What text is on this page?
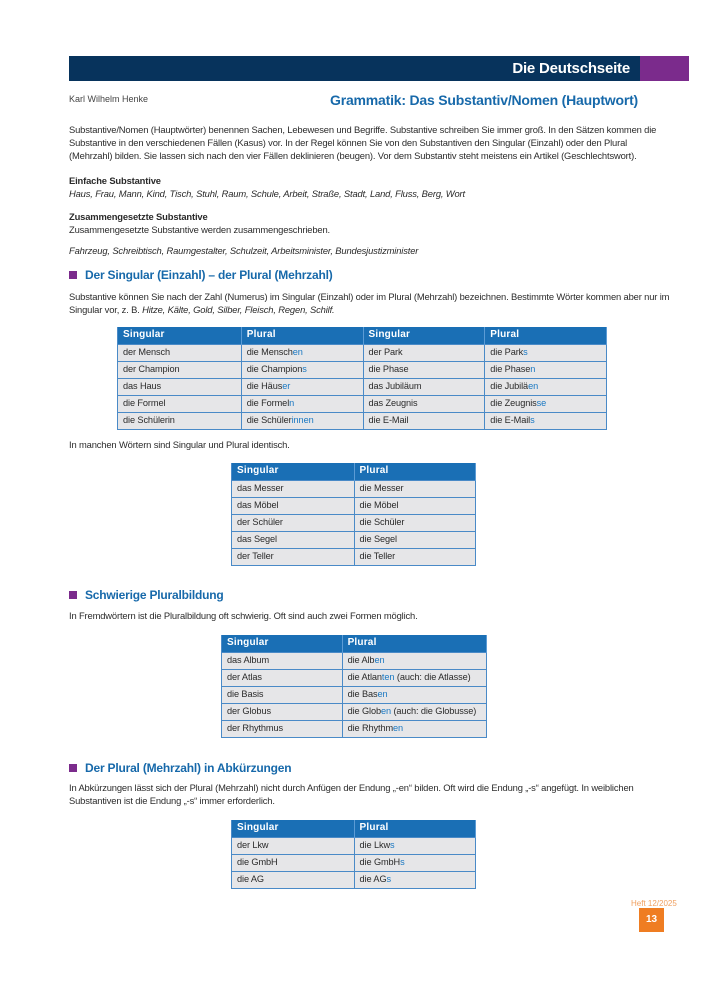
Die Deutschseite
Karl Wilhelm Henke	Grammatik: Das Substantiv/Nomen (Hauptwort)

Substantive/Nomen (Hauptwörter) benennen Sachen, Lebewesen und Begriffe. Substantive schreiben Sie immer groß. In den Sätzen kommen die Substantive in den verschiedenen Fällen (Kasus) vor. In der Regel können Sie von den Substantiven den Singular (Einzahl) oder den Plural (Mehrzahl) bilden. Sie lassen sich nach den vier Fällen deklinieren (beugen). Vor dem Substantiv steht meistens ein Artikel (Geschlechtswort).

Einfache Substantive
Haus, Frau, Mann, Kind, Tisch, Stuhl, Raum, Schule, Arbeit, Straße, Stadt, Land, Fluss, Berg, Wort
Zusammengesetzte Substantive
Zusammengesetzte Substantive werden zusammengeschrieben.
Fahrzeug, Schreibtisch, Raumgestalter, Schulzeit, Arbeitsminister, Bundesjustizminister
Der Singular (Einzahl) – der Plural (Mehrzahl)

Substantive können Sie nach der Zahl (Numerus) im Singular (Einzahl) oder im Plural (Mehrzahl) bezeichnen. Bestimmte Wörter kommen aber nur im Singular vor, z. B. Hitze, Kälte, Gold, Silber, Fleisch, Regen, Schilf.

Singular	Plural	Singular	Plural
der Mensch	die Menschen	der Park	die Parks
der Champion	die Champions	die Phase	die Phasen
das Haus	die Häuser	das Jubiläum	die Jubiläen
die Formel	die Formeln	das Zeugnis	die Zeugnisse
die Schülerin	die Schülerinnen	die E-Mail	die E-Mails
In manchen Wörtern sind Singular und Plural identisch.
Singular	Plural
das Messer	die Messer
das Möbel	die Möbel
der Schüler	die Schüler
das Segel	die Segel
der Teller	die Teller
Schwierige Pluralbildung
In Fremdwörtern ist die Pluralbildung oft schwierig. Oft sind auch zwei Formen möglich.
Singular	Plural
das Album	die Alben
der Atlas	die Atlanten (auch: die Atlasse)
die Basis	die Basen
der Globus	die Globen (auch: die Globusse)
der Rhythmus	die Rhythmen
Der Plural (Mehrzahl) in Abkürzungen
In Abkürzungen lässt sich der Plural (Mehrzahl) nicht durch Anfügen der Endung „-en“ bilden. Oft wird die Endung „-s“ angefügt. In weiblichen Substantiven ist die Endung „-s“ immer erforderlich.
Singular	Plural
der Lkw	die Lkws
die GmbH	die GmbHs
die AG	die AGs
Heft 12/2025
13
